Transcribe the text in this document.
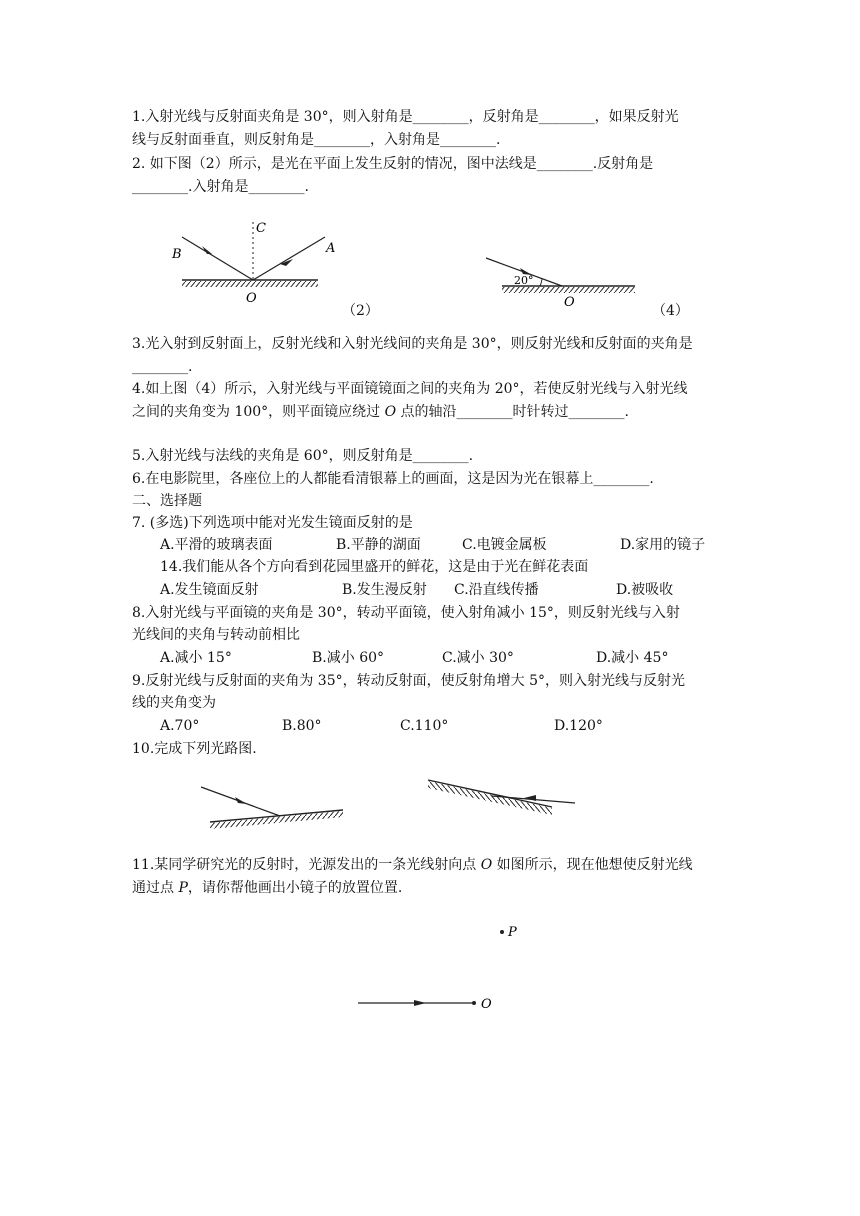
1.入射光线与反射面夹角是 30°，则入射角是________，反射角是________，如果反射光
线与反射面垂直，则反射角是________，入射角是________.
2. 如下图（2）所示，是光在平面上发生反射的情况，图中法线是________.反射角是
________.入射角是________.
B
C
A
O
（2）
20°
O
（4）
3.光入射到反射面上，反射光线和入射光线间的夹角是 30°，则反射光线和反射面的夹角是
________.
4.如上图（4）所示，入射光线与平面镜镜面之间的夹角为 20°，若使反射光线与入射光线
之间的夹角变为 100°，则平面镜应绕过 O 点的轴沿________时针转过________.
5.入射光线与法线的夹角是 60°，则反射角是________.
6.在电影院里，各座位上的人都能看清银幕上的画面，这是因为光在银幕上________.
二、选择题
7. (多选)下列选项中能对光发生镜面反射的是
A.平滑的玻璃表面	B.平静的湖面	C.电镀金属板	D.家用的镜子
14.我们能从各个方向看到花园里盛开的鲜花，这是由于光在鲜花表面
A.发生镜面反射	B.发生漫反射 C.沿直线传播	D.被吸收
8.入射光线与平面镜的夹角是 30°，转动平面镜，使入射角减小 15°，则反射光线与入射
光线间的夹角与转动前相比
A.减小 15°	B.减小 60°	C.减小 30°	D.减小 45°
9.反射光线与反射面的夹角为 35°，转动反射面，使反射角增大 5°，则入射光线与反射光
线的夹角变为
A.70°	B.80°	C.110°	D.120°
10.完成下列光路图.
11.某同学研究光的反射时，光源发出的一条光线射向点 O 如图所示，现在他想使反射光线
通过点 P，请你帮他画出小镜子的放置位置.
P
O
